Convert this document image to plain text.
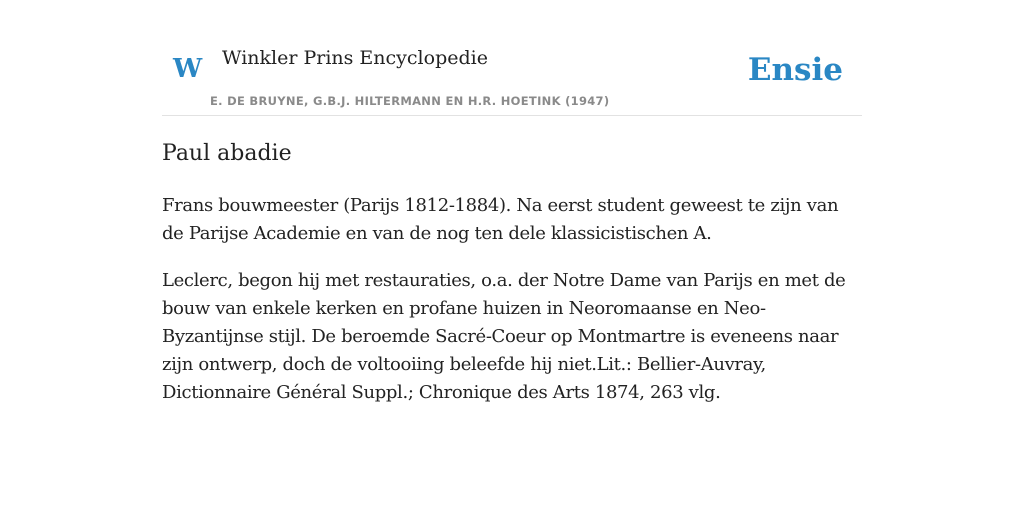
W Winkler Prins Encyclopedie
E. DE BRUYNE, G.B.J. HILTERMANN EN H.R. HOETINK (1947)
Ensie
Paul abadie

Frans bouwmeester (Parijs 1812-1884). Na eerst student geweest te zijn van de Parijse Academie en van de nog ten dele klassicistischen A.

Leclerc, begon hij met restauraties, o.a. der Notre Dame van Parijs en met de bouw van enkele kerken en profane huizen in Neoromaanse en Neo-Byzantijnse stijl. De beroemde Sacré-Coeur op Montmartre is eveneens naar zijn ontwerp, doch de voltooiing beleefde hij niet.Lit.: Bellier-Auvray, Dictionnaire Général Suppl.; Chronique des Arts 1874, 263 vlg.
